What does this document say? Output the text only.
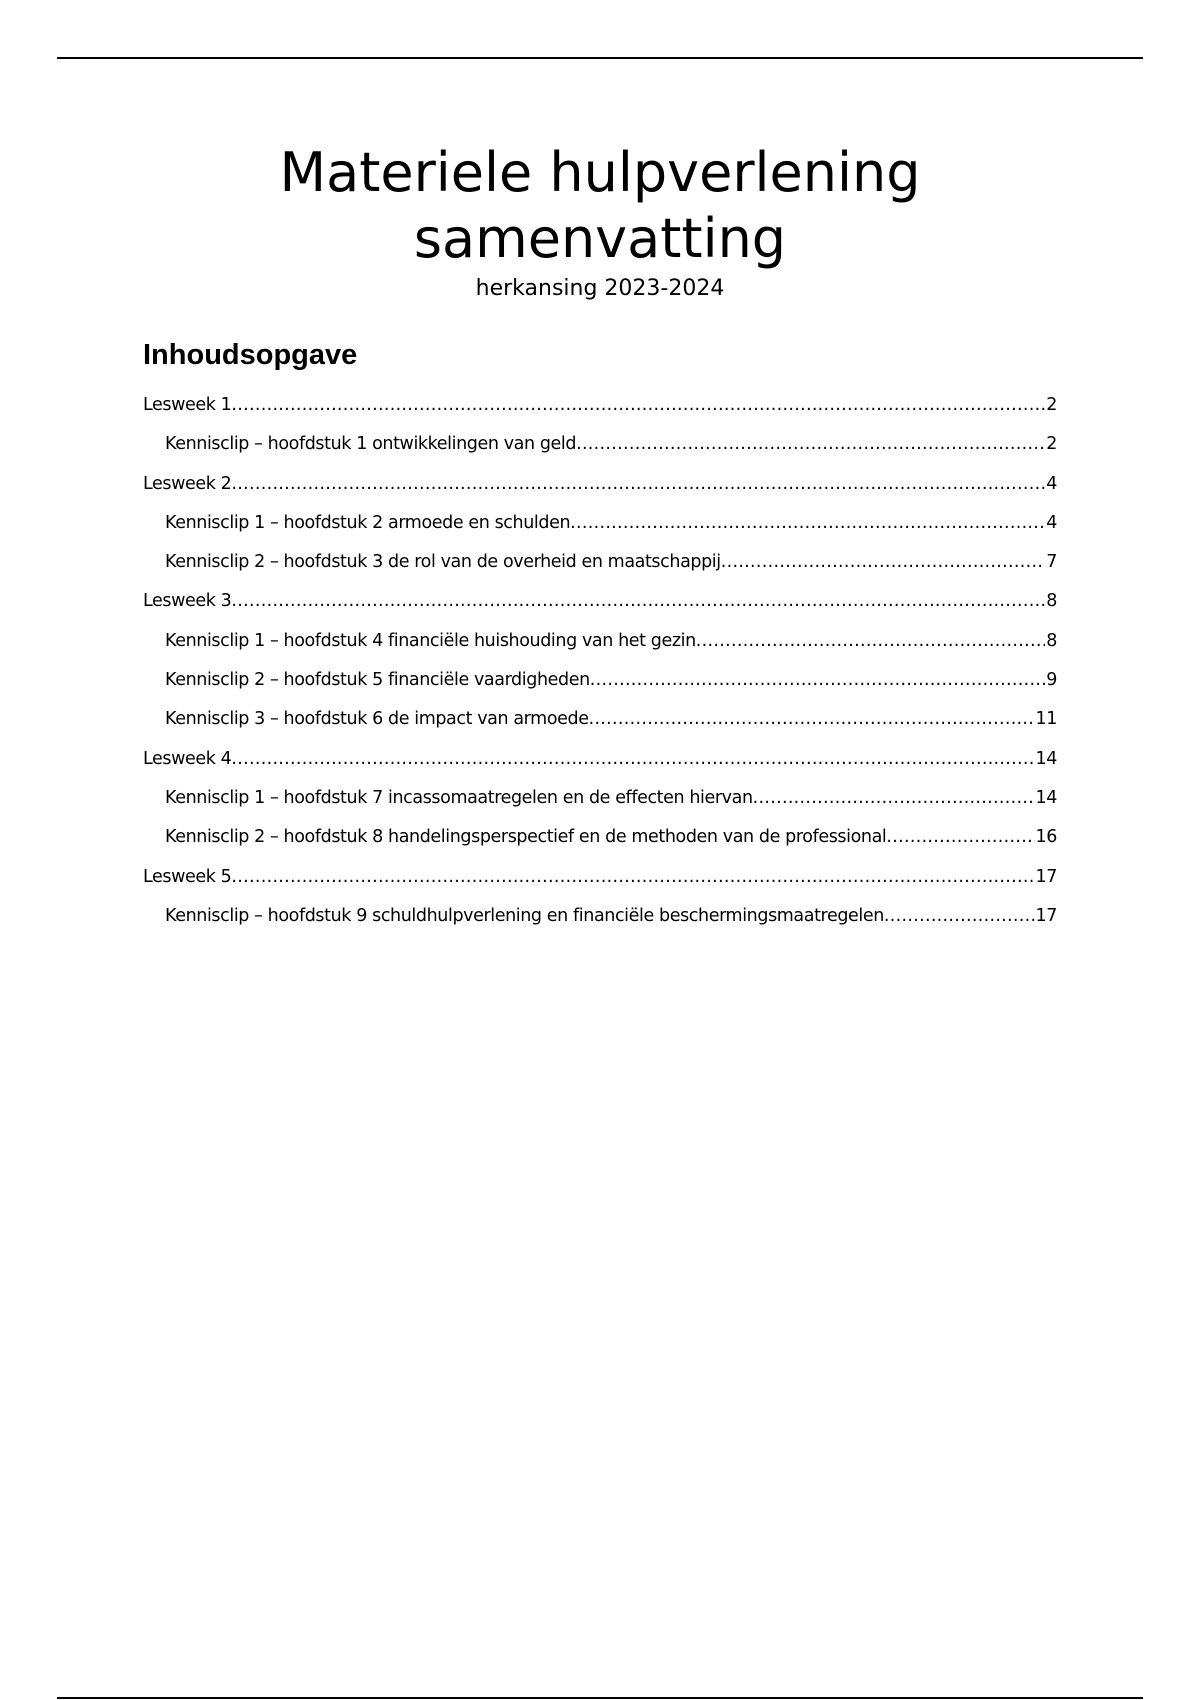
Materiele hulpverlening
samenvatting
herkansing 2023-2024
Inhoudsopgave
Lesweek 1 .....	2
Kennisclip – hoofdstuk 1 ontwikkelingen van geld .....	2
Lesweek 2 .....	4
Kennisclip 1 – hoofdstuk 2 armoede en schulden .....	4
Kennisclip 2 – hoofdstuk 3 de rol van de overheid en maatschappij .....	7
Lesweek 3 .....	8
Kennisclip 1 – hoofdstuk 4 financiële huishouding van het gezin .....	8
Kennisclip 2 – hoofdstuk 5 financiële vaardigheden .....	9
Kennisclip 3 – hoofdstuk 6 de impact van armoede .....	11
Lesweek 4 .....	14
Kennisclip 1 – hoofdstuk 7 incassomaatregelen en de effecten hiervan .....	14
Kennisclip 2 – hoofdstuk 8 handelingsperspectief en de methoden van de professional .....	16
Lesweek 5 .....	17
Kennisclip – hoofdstuk 9 schuldhulpverlening en financiële beschermingsmaatregelen .....	17
